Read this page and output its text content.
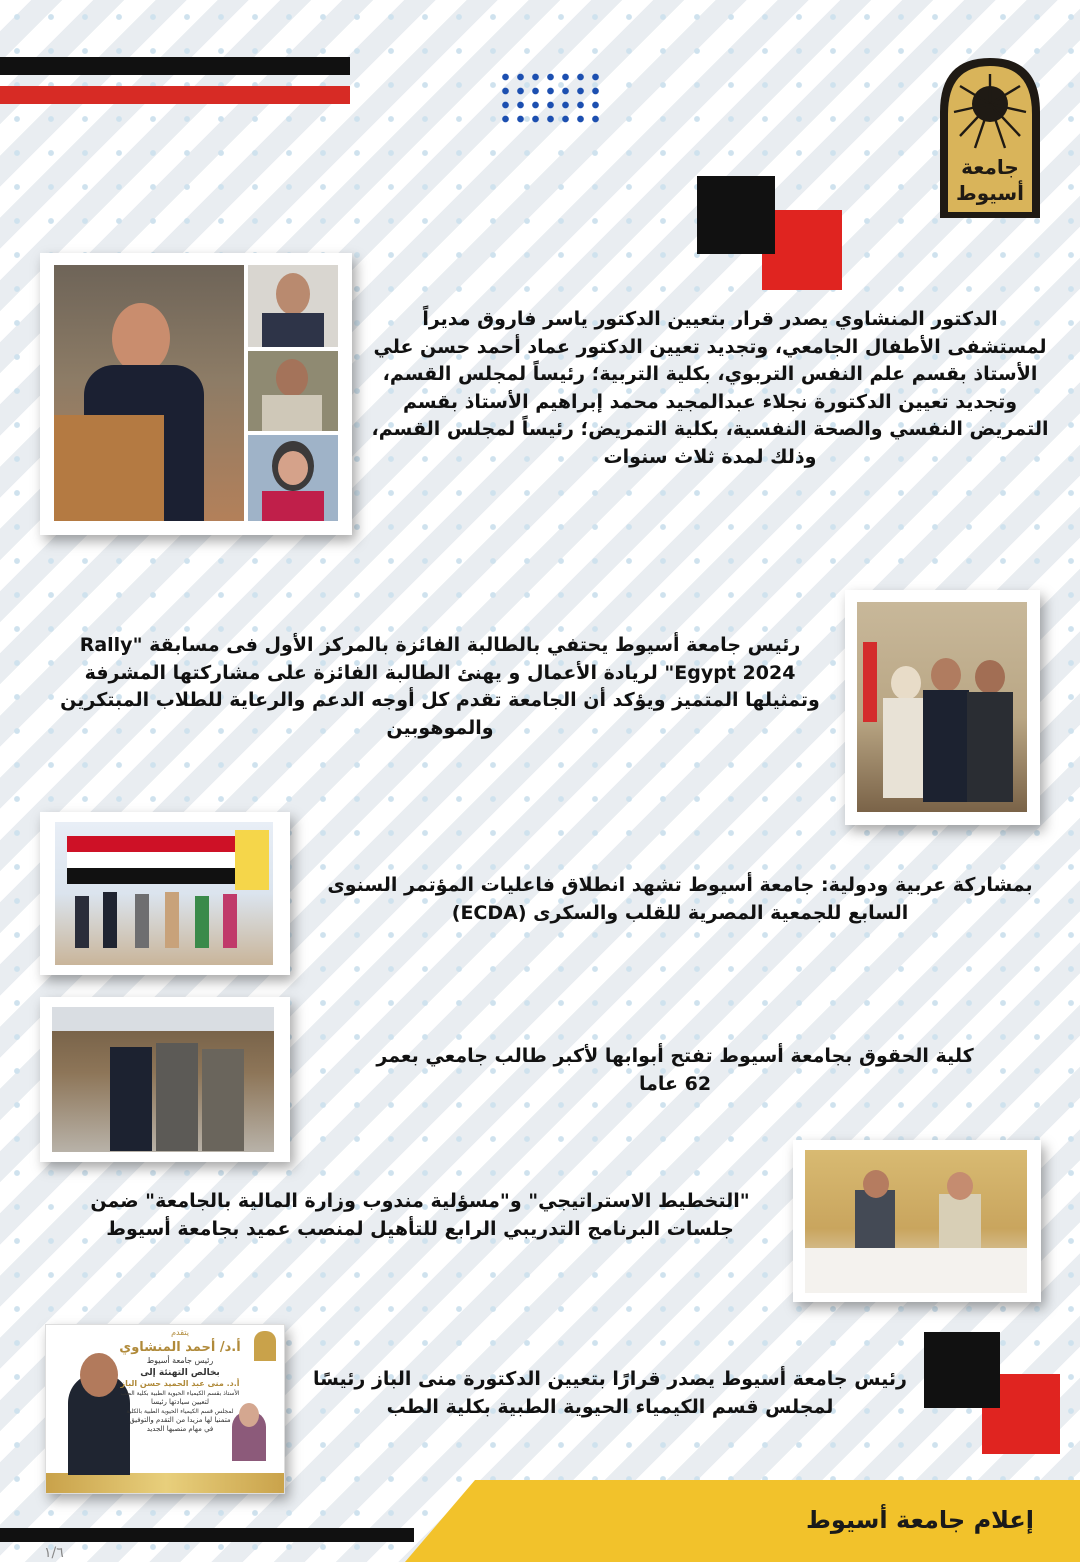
جامعة
أسيوط
الدكتور المنشاوي يصدر قرار بتعيين الدكتور ياسر فاروق مديراً لمستشفى الأطفال الجامعي، وتجديد تعيين الدكتور عماد أحمد حسن علي الأستاذ بقسم علم النفس التربوي، بكلية التربية؛ رئيساً لمجلس القسم، وتجديد تعيين الدكتورة نجلاء عبدالمجيد محمد إبراهيم الأستاذ بقسم التمريض النفسي والصحة النفسية، بكلية التمريض؛ رئيساً لمجلس القسم، وذلك لمدة ثلاث سنوات
رئيس جامعة أسيوط يحتفي بالطالبة الفائزة بالمركز الأول فى مسابقة "Rally Egypt 2024" لريادة الأعمال و يهنئ الطالبة الفائزة على مشاركتها المشرفة وتمثيلها المتميز ويؤكد أن الجامعة تقدم كل أوجه الدعم والرعاية للطلاب المبتكرين والموهوبين
بمشاركة عربية ودولية: جامعة أسيوط تشهد انطلاق فاعليات المؤتمر السنوى السابع للجمعية المصرية للقلب والسكرى (ECDA)
كلية الحقوق بجامعة أسيوط تفتح أبوابها لأكبر طالب جامعي بعمر 62 عاما
"التخطيط الاستراتيجي" و"مسؤلية مندوب وزارة المالية بالجامعة" ضمن جلسات البرنامج التدريبي الرابع للتأهيل لمنصب عميد بجامعة أسيوط
يتقدم
أ.د/ أحمد المنشاوي
رئيس جامعة أسيوط
بخالص التهنئة إلى
أ.د. منى عبد الحميد حسن الباز
الأستاذ بقسم الكيمياء الحيوية الطبية بكلية الطب
لتعيين سيادتها رئيسا
لمجلس قسم الكيمياء الحيوية الطبية بالكلية
متمنيا لها مزيدا من التقدم والتوفيق
في مهام منصبها الجديد
رئيس جامعة أسيوط يصدر قرارًا بتعيين الدكتورة منى الباز رئيسًا لمجلس قسم الكيمياء الحيوية الطبية بكلية الطب
إعلام جامعة أسيوط
١/٦
